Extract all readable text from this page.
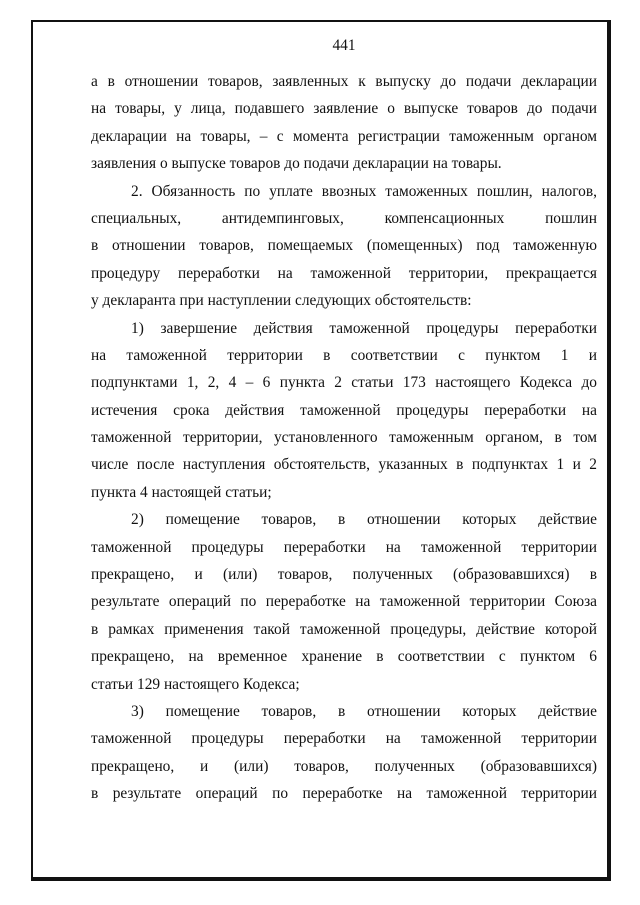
441
а в отношении товаров, заявленных к выпуску до подачи декларации
на товары, у лица, подавшего заявление о выпуске товаров до подачи
декларации на товары, – с момента регистрации таможенным органом
заявления о выпуске товаров до подачи декларации на товары.
2. Обязанность по уплате ввозных таможенных пошлин, налогов,
специальных, антидемпинговых, компенсационных пошлин
в отношении товаров, помещаемых (помещенных) под таможенную
процедуру переработки на таможенной территории, прекращается
у декларанта при наступлении следующих обстоятельств:
1) завершение действия таможенной процедуры переработки
на таможенной территории в соответствии с пунктом 1 и
подпунктами 1, 2, 4 – 6 пункта 2 статьи 173 настоящего Кодекса до
истечения срока действия таможенной процедуры переработки на
таможенной территории, установленного таможенным органом, в том
числе после наступления обстоятельств, указанных в подпунктах 1 и 2
пункта 4 настоящей статьи;
2) помещение товаров, в отношении которых действие
таможенной процедуры переработки на таможенной территории
прекращено, и (или) товаров, полученных (образовавшихся) в
результате операций по переработке на таможенной территории Союза
в рамках применения такой таможенной процедуры, действие которой
прекращено, на временное хранение в соответствии с пунктом 6
статьи 129 настоящего Кодекса;
3) помещение товаров, в отношении которых действие
таможенной процедуры переработки на таможенной территории
прекращено, и (или) товаров, полученных (образовавшихся)
в результате операций по переработке на таможенной территории
